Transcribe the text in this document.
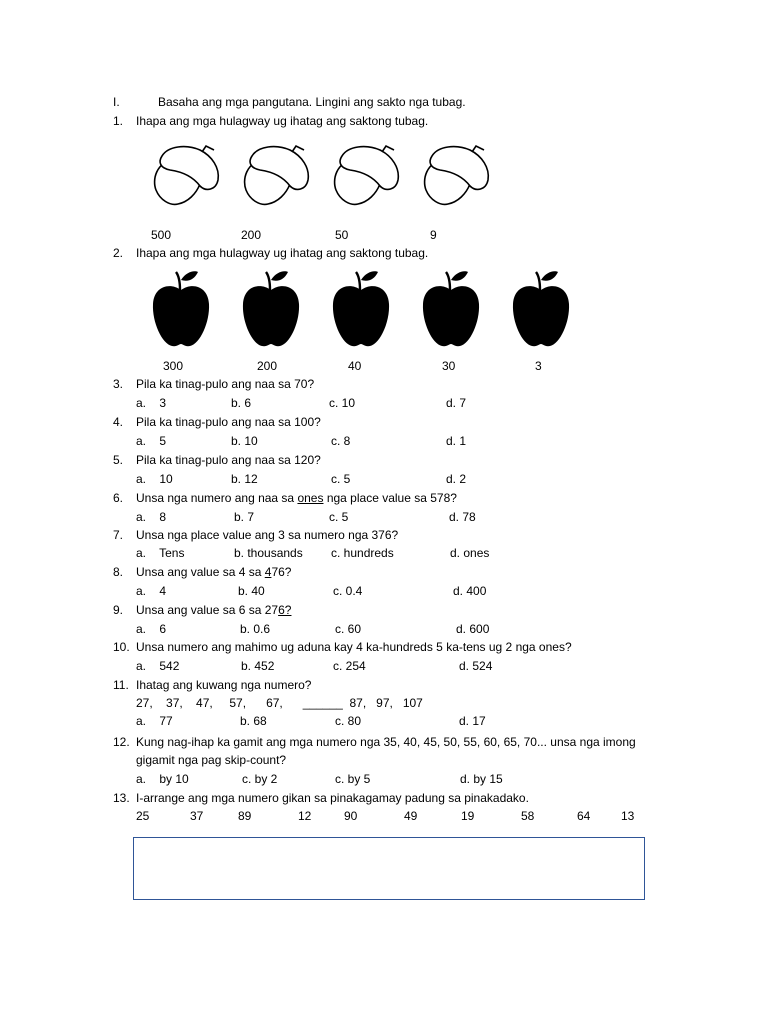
I.	Basaha ang mga pangutana. Lingini ang sakto nga tubag.
1. Ihapa ang mga hulagway ug ihatag ang saktong tubag.
500	200	50	9
2. Ihapa ang mga hulagway ug ihatag ang saktong tubag.
300	200	40	30	3
3. Pila ka tinag-pulo ang naa sa 70?
a.    3	b. 6	c. 10	d. 7
4. Pila ka tinag-pulo ang naa sa 100?
a.    5	b. 10	c. 8	d. 1
5. Pila ka tinag-pulo ang naa sa 120?
a.    10	b. 12	c. 5	d. 2
6. Unsa nga numero ang naa sa ones nga place value sa 578?
a.    8	b. 7	c. 5	d. 78
7. Unsa nga place value ang 3 sa numero nga 376?
a.    Tens	b. thousands c. hundreds	d. ones
8. Unsa ang value sa 4 sa 476?
a.    4	b. 40	c. 0.4	d. 400
9. Unsa ang value sa 6 sa 276?
a.    6	b. 0.6	c. 60	d. 600
10. Unsa numero ang mahimo ug aduna kay 4 ka-hundreds 5 ka-tens ug 2 nga ones?
a.    542	b. 452	c. 254	d. 524
11. Ihatag ang kuwang nga numero?
27,    37,    47,     57,      67,      ______  87,   97,   107
a.    77	b. 68	c. 80	d. 17
12. Kung nag-ihap ka gamit ang mga numero nga 35, 40, 45, 50, 55, 60, 65, 70... unsa nga imong
gigamit nga pag skip-count?
a.    by 10	c. by 2	c. by 5	d. by 15
13. I-arrange ang mga numero gikan sa pinakagamay padung sa pinakadako.
25	37	89	12	90	49	19	58	64	13
